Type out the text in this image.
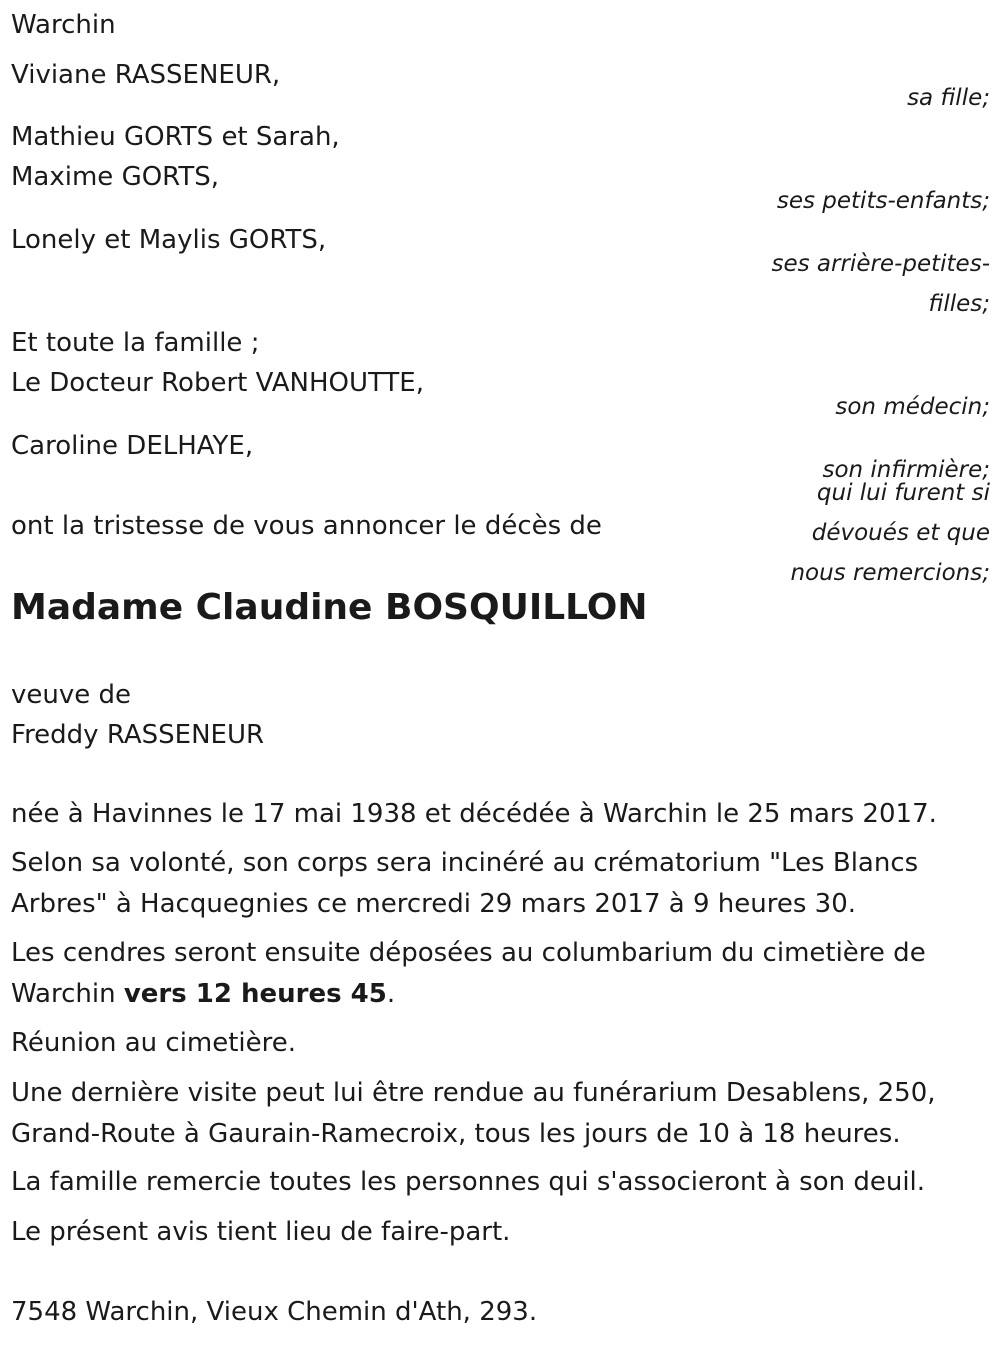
Warchin
Viviane RASSENEUR,
sa fille;
Mathieu GORTS et Sarah,
Maxime GORTS,
ses petits-enfants;
Lonely et Maylis GORTS,
ses arrière-petites-
filles;
Et toute la famille ;
Le Docteur Robert VANHOUTTE,
son médecin;
Caroline DELHAYE,
son infirmière;
qui lui furent si
dévoués et que
nous remercions;
ont la tristesse de vous annoncer le décès de
Madame Claudine BOSQUILLON
veuve de
Freddy RASSENEUR
née à Havinnes le 17 mai 1938 et décédée à Warchin le 25 mars 2017.
Selon sa volonté, son corps sera incinéré au crématorium "Les Blancs
Arbres" à Hacquegnies ce mercredi 29 mars 2017 à 9 heures 30.
Les cendres seront ensuite déposées au columbarium du cimetière de
Warchin vers 12 heures 45.
Réunion au cimetière.
Une dernière visite peut lui être rendue au funérarium Desablens, 250,
Grand-Route à Gaurain-Ramecroix, tous les jours de 10 à 18 heures.
La famille remercie toutes les personnes qui s'associeront à son deuil.
Le présent avis tient lieu de faire-part.
7548 Warchin, Vieux Chemin d'Ath, 293.
